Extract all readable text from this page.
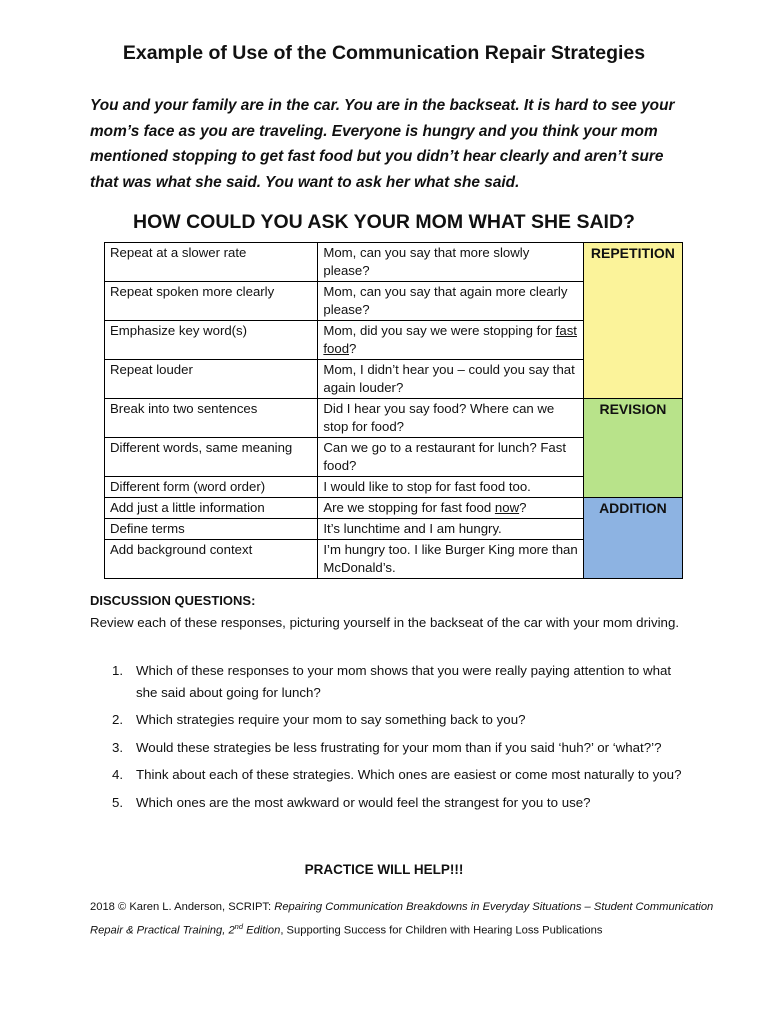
Example of Use of the Communication Repair Strategies
You and your family are in the car. You are in the backseat. It is hard to see your mom’s face as you are traveling. Everyone is hungry and you think your mom mentioned stopping to get fast food but you didn’t hear clearly and aren’t sure that was what she said. You want to ask her what she said.
HOW COULD YOU ASK YOUR MOM WHAT SHE SAID?
Repeat at a slower rate	Mom, can you say that more slowly please?	REPETITION
Repeat spoken more clearly	Mom, can you say that again more clearly please?	
Emphasize key word(s)	Mom, did you say we were stopping for fast food?	
Repeat louder	Mom, I didn’t hear you – could you say that again louder?	
Break into two sentences	Did I hear you say food? Where can we stop for food?	REVISION
Different words, same meaning	Can we go to a restaurant for lunch? Fast food?	
Different form (word order)	I would like to stop for fast food too.	
Add just a little information	Are we stopping for fast food now?	ADDITION
Define terms	It’s lunchtime and I am hungry.	
Add background context	I’m hungry too. I like Burger King more than McDonald’s.	
DISCUSSION QUESTIONS:
Review each of these responses, picturing yourself in the backseat of the car with your mom driving.
1. Which of these responses to your mom shows that you were really paying attention to what she said about going for lunch?
2. Which strategies require your mom to say something back to you?
3. Would these strategies be less frustrating for your mom than if you said ‘huh?’ or ‘what?’?
4. Think about each of these strategies. Which ones are easiest or come most naturally to you?
5. Which ones are the most awkward or would feel the strangest for you to use?
PRACTICE WILL HELP!!!
2018 © Karen L. Anderson, SCRIPT: Repairing Communication Breakdowns in Everyday Situations – Student Communication Repair & Practical Training, 2nd Edition, Supporting Success for Children with Hearing Loss Publications
